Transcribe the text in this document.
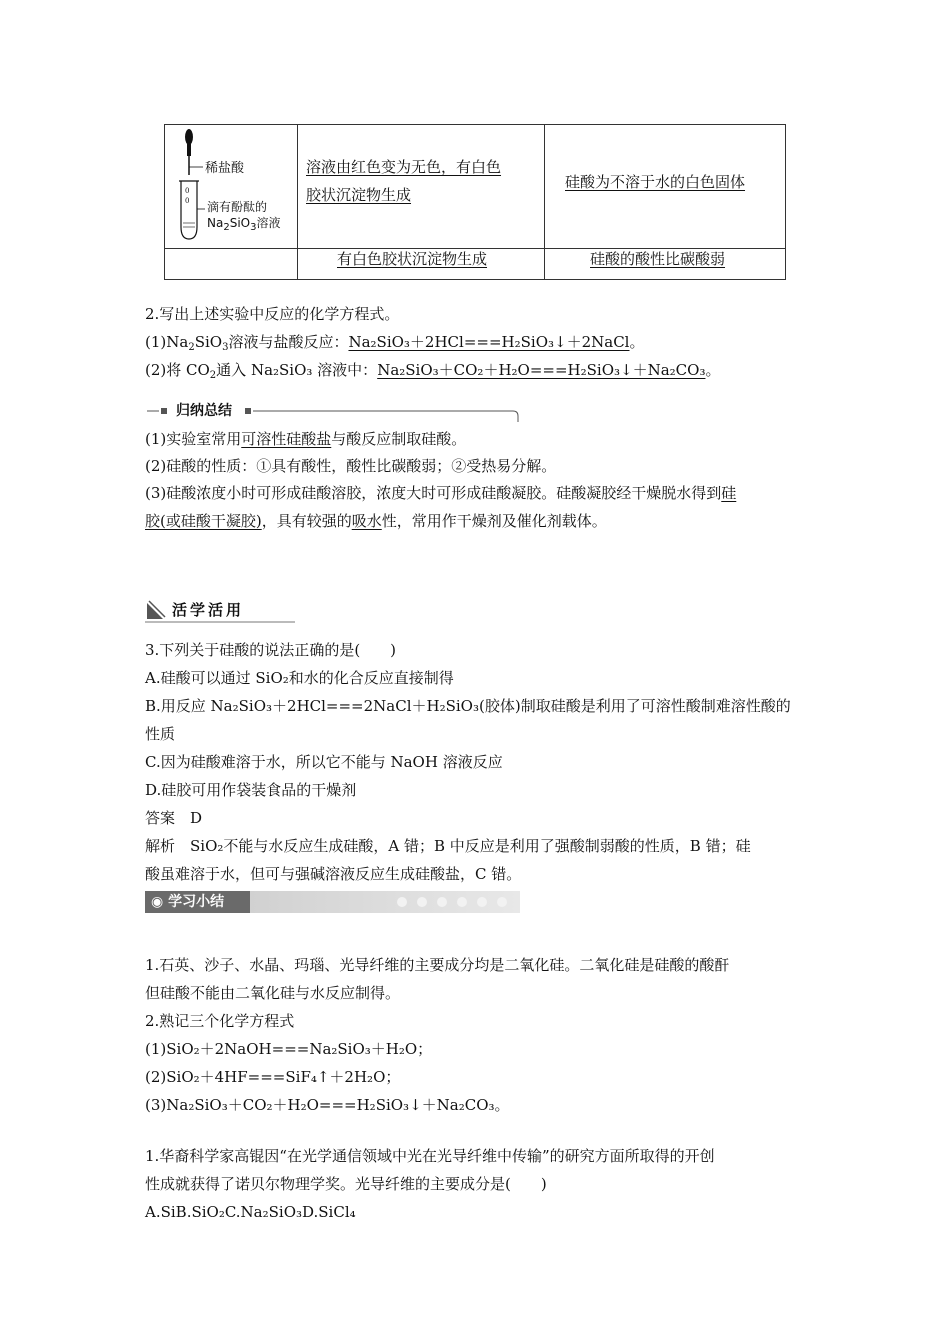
0
0
稀盐酸
滴有酚酞的
$Na_2SiO_3$溶液
溶液由红色变为无色，有白色
胶状沉淀物生成
硅酸为不溶于水的白色固体
有白色胶状沉淀物生成	硅酸的酸性比碳酸弱
2.写出上述实验中反应的化学方程式。
$(1)Na_2SiO_3$溶液与盐酸反应：Na₂SiO₃＋2HCl===H₂SiO₃↓＋2NaCl。
(2)将 $CO_2$通入 Na₂SiO₃ 溶液中：Na₂SiO₃＋CO₂＋H₂O===H₂SiO₃↓＋Na₂CO₃。
归纳总结
(1)实验室常用可溶性硅酸盐与酸反应制取硅酸。
(2)硅酸的性质：①具有酸性，酸性比碳酸弱；②受热易分解。
(3)硅酸浓度小时可形成硅酸溶胶，浓度大时可形成硅酸凝胶。硅酸凝胶经干燥脱水得到硅
胶(或硅酸干凝胶)，具有较强的吸水性，常用作干燥剂及催化剂载体。
活学活用
3.下列关于硅酸的说法正确的是(　　)
A.硅酸可以通过 SiO₂和水的化合反应直接制得
B.用反应 Na₂SiO₃＋2HCl===2NaCl＋H₂SiO₃(胶体)制取硅酸是利用了可溶性酸制难溶性酸的
性质
C.因为硅酸难溶于水，所以它不能与 NaOH 溶液反应
D.硅胶可用作袋装食品的干燥剂
答案　D
解析　SiO₂不能与水反应生成硅酸，A 错；B 中反应是利用了强酸制弱酸的性质，B 错；硅
酸虽难溶于水，但可与强碱溶液反应生成硅酸盐，C 错。
◉ 学习小结
1.石英、沙子、水晶、玛瑙、光导纤维的主要成分均是二氧化硅。二氧化硅是硅酸的酸酐
但硅酸不能由二氧化硅与水反应制得。
2.熟记三个化学方程式
(1)SiO₂＋2NaOH===Na₂SiO₃＋H₂O；
(2)SiO₂＋4HF===SiF₄↑＋2H₂O；
(3)Na₂SiO₃＋CO₂＋H₂O===H₂SiO₃↓＋Na₂CO₃。
1.华裔科学家高锟因“在光学通信领域中光在光导纤维中传输”的研究方面所取得的开创
性成就获得了诺贝尔物理学奖。光导纤维的主要成分是(　　)
A.SiB.SiO₂C.Na₂SiO₃D.SiCl₄
